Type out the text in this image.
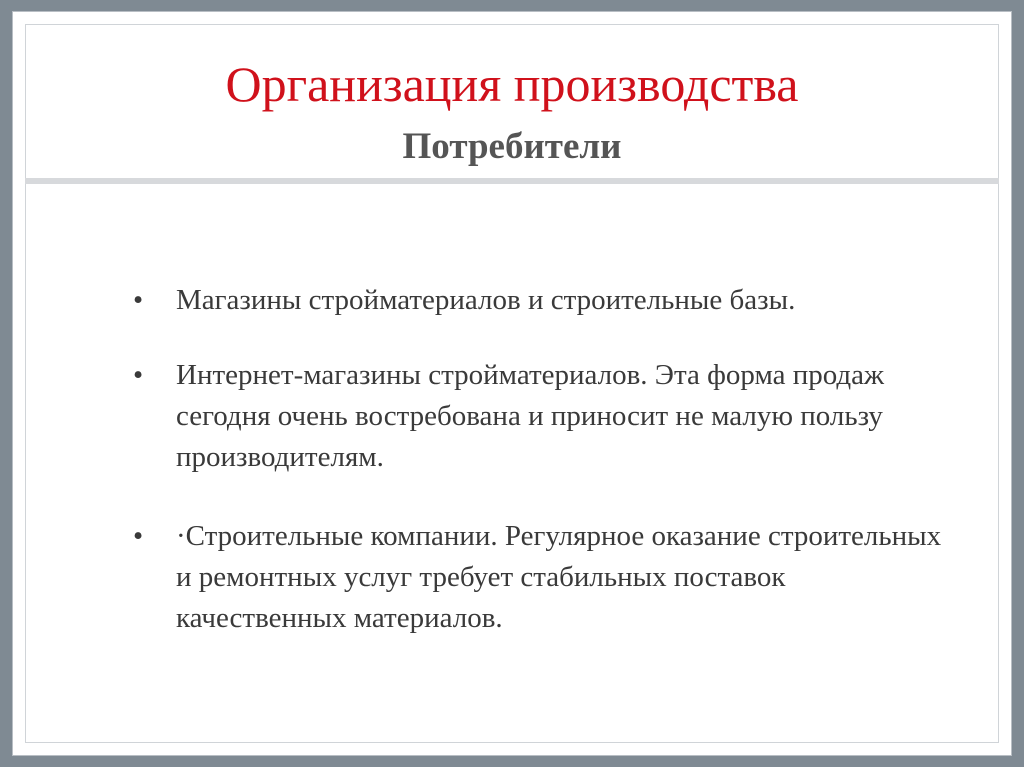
Организация производства
Потребители
• Магазины стройматериалов и строительные базы.
• Интернет-магазины стройматериалов. Эта форма продаж сегодня очень востребована и приносит не малую пользу производителям.
• ·Строительные компании. Регулярное оказание строительных и ремонтных услуг требует стабильных поставок качественных материалов.
